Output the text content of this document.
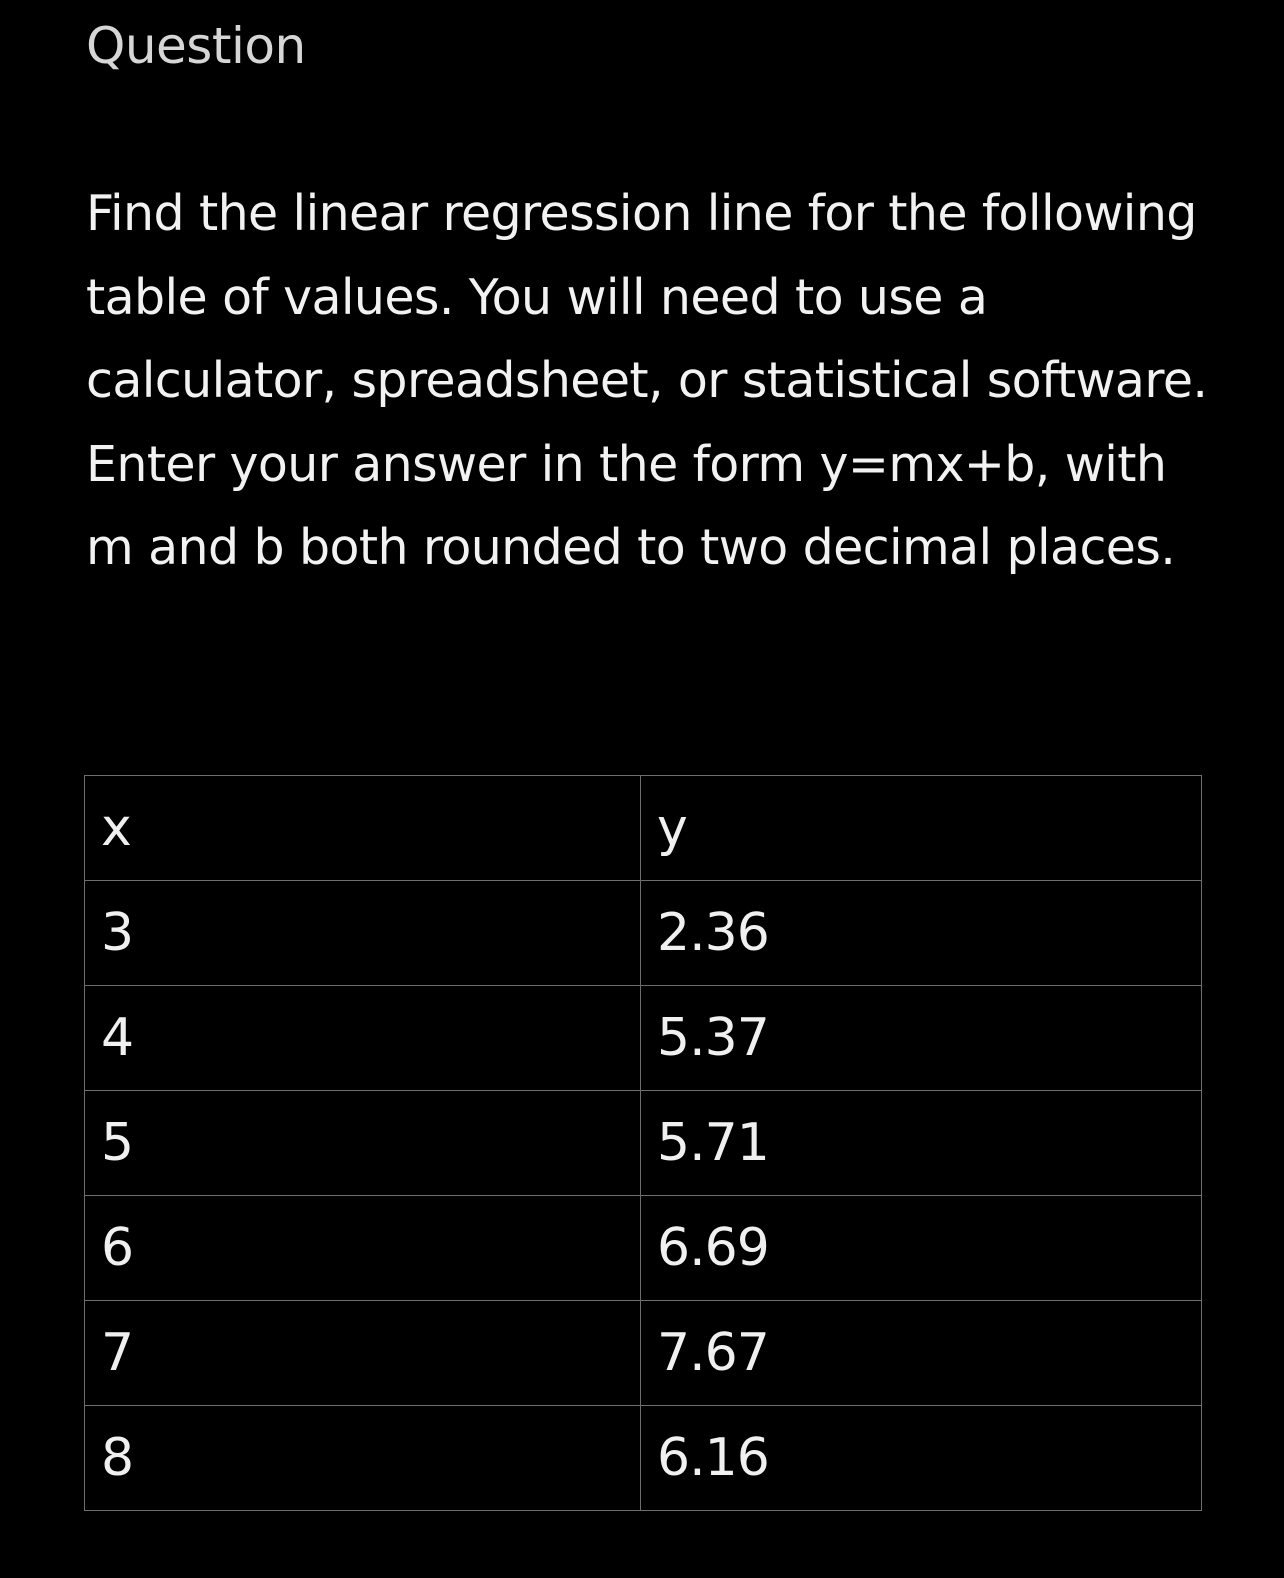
Question

Find the linear regression line for the following table of values. You will need to use a calculator, spreadsheet, or statistical software.

Enter your answer in the form y=mx+b, with m and b both rounded to two decimal places.

x	y
3	2.36
4	5.37
5	5.71
6	6.69
7	7.67
8	6.16
